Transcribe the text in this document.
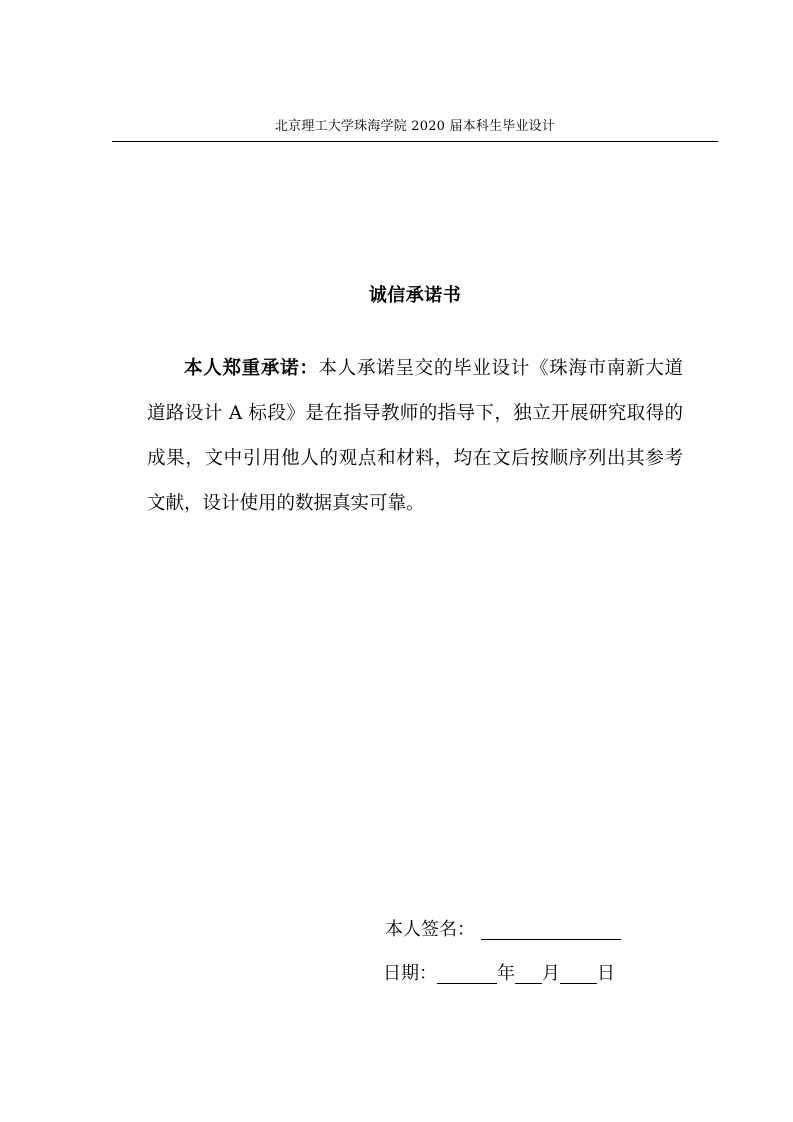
北京理工大学珠海学院 2020 届本科生毕业设计
诚信承诺书

本人郑重承诺：本人承诺呈交的毕业设计《珠海市南新大道道路设计 A 标段》是在指导教师的指导下，独立开展研究取得的成果，文中引用他人的观点和材料，均在文后按顺序列出其参考文献，设计使用的数据真实可靠。

本人签名：
日期：	年 月 日
